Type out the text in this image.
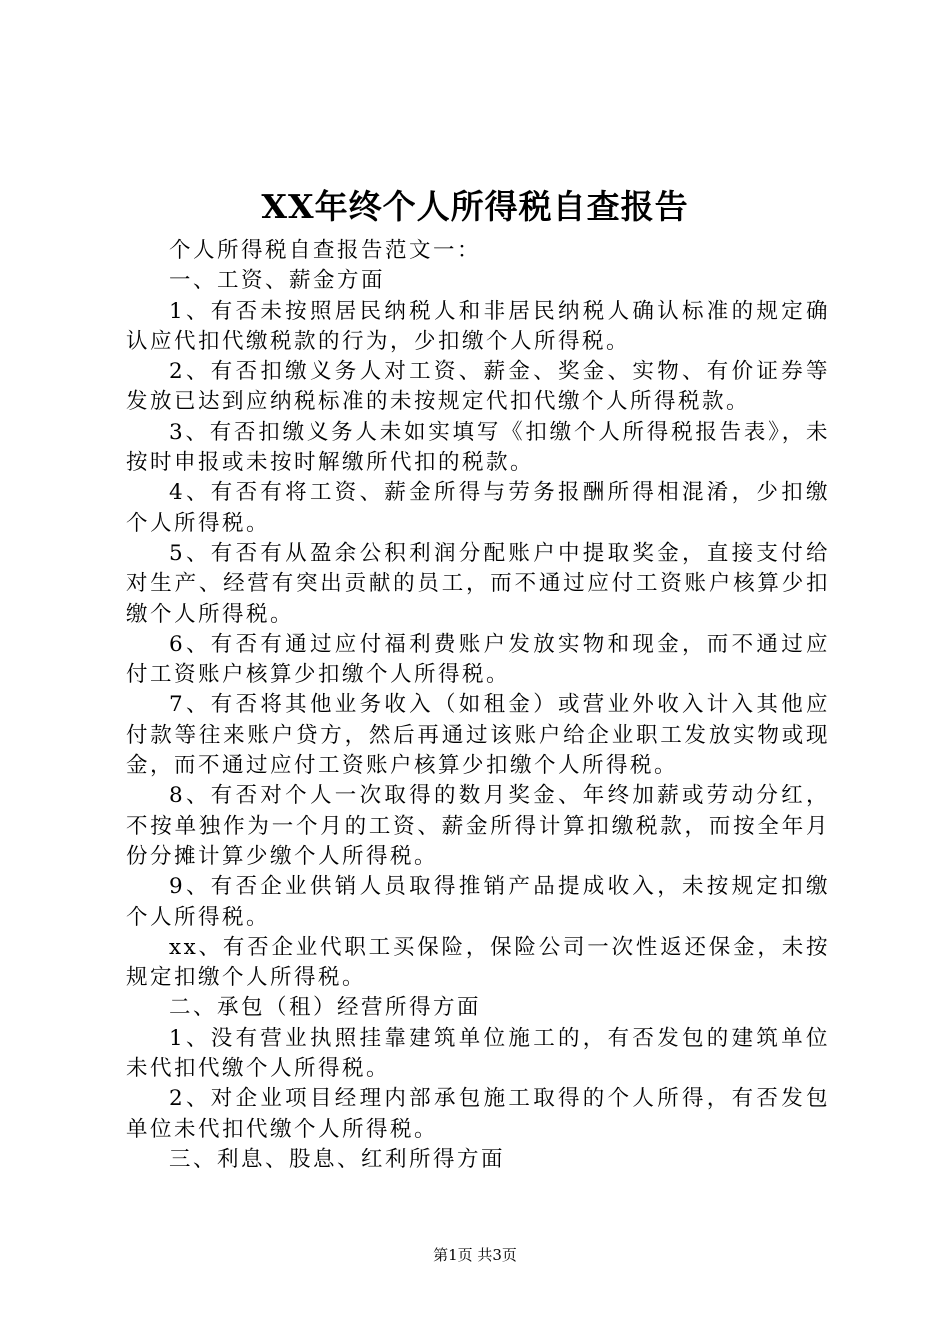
XX年终个人所得税自查报告

个人所得税自查报告范文一：

一、工资、薪金方面

1、有否未按照居民纳税人和非居民纳税人确认标准的规定确认应代扣代缴税款的行为，少扣缴个人所得税。

2、有否扣缴义务人对工资、薪金、奖金、实物、有价证券等发放已达到应纳税标准的未按规定代扣代缴个人所得税款。

3、有否扣缴义务人未如实填写《扣缴个人所得税报告表》，未按时申报或未按时解缴所代扣的税款。

4、有否有将工资、薪金所得与劳务报酬所得相混淆，少扣缴个人所得税。

5、有否有从盈余公积利润分配账户中提取奖金，直接支付给对生产、经营有突出贡献的员工，而不通过应付工资账户核算少扣缴个人所得税。

6、有否有通过应付福利费账户发放实物和现金，而不通过应付工资账户核算少扣缴个人所得税。

7、有否将其他业务收入（如租金）或营业外收入计入其他应付款等往来账户贷方，然后再通过该账户给企业职工发放实物或现金，而不通过应付工资账户核算少扣缴个人所得税。

8、有否对个人一次取得的数月奖金、年终加薪或劳动分红，不按单独作为一个月的工资、薪金所得计算扣缴税款，而按全年月份分摊计算少缴个人所得税。

9、有否企业供销人员取得推销产品提成收入，未按规定扣缴个人所得税。

xx、有否企业代职工买保险，保险公司一次性返还保金，未按规定扣缴个人所得税。

二、承包（租）经营所得方面

1、没有营业执照挂靠建筑单位施工的，有否发包的建筑单位未代扣代缴个人所得税。

2、对企业项目经理内部承包施工取得的个人所得，有否发包单位未代扣代缴个人所得税。

三、利息、股息、红利所得方面

第1页 共3页
